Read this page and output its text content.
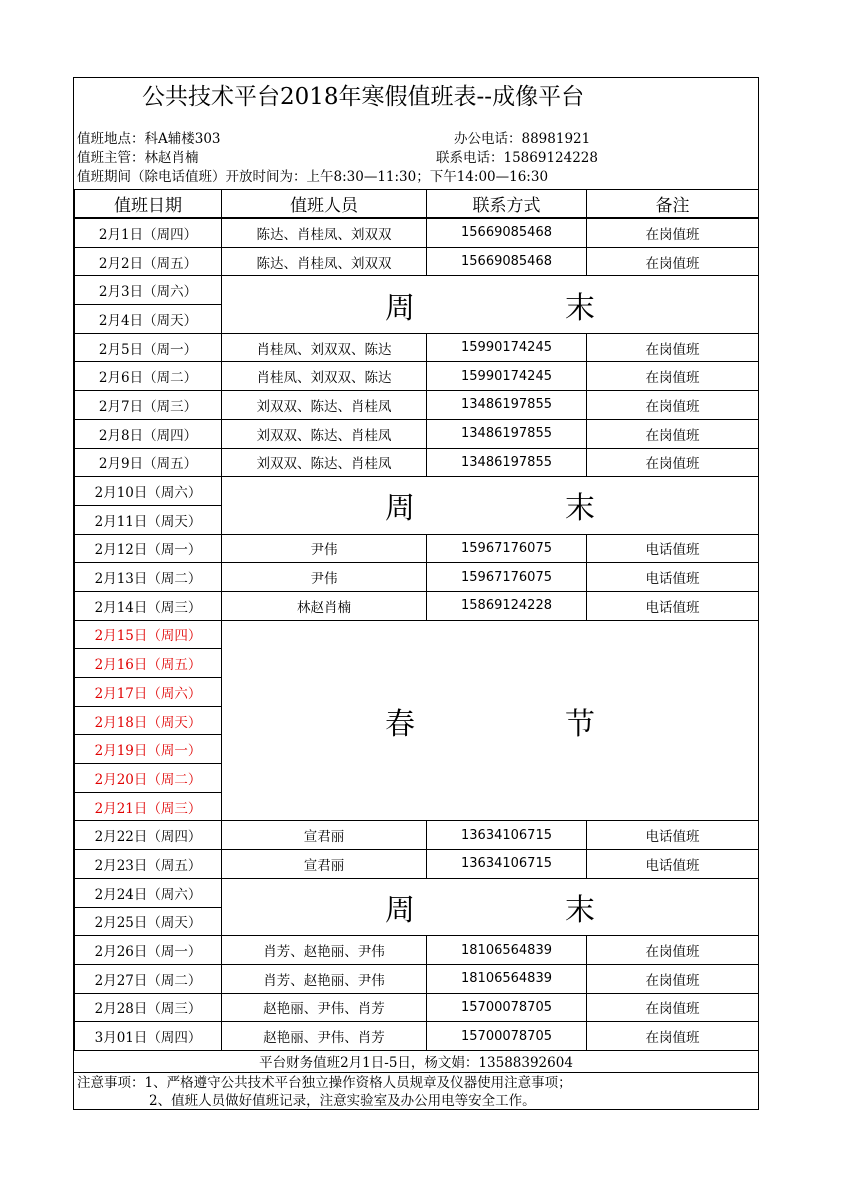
公共技术平台2018年寒假值班表--成像平台
值班地点：科A辅楼303	办公电话：88981921
值班主管：林赵肖楠	联系电话：15869124228
值班期间（除电话值班）开放时间为：上午8:30—11:30；下午14:00—16:30
值班日期	值班人员	联系方式	备注
2月1日（周四）	陈达、肖桂凤、刘双双	15669085468	在岗值班
2月2日（周五）	陈达、肖桂凤、刘双双	15669085468	在岗值班
2月3日（周六）	周 末		
2月4日（周天）			
2月5日（周一）	肖桂凤、刘双双、陈达	15990174245	在岗值班
2月6日（周二）	肖桂凤、刘双双、陈达	15990174245	在岗值班
2月7日（周三）	刘双双、陈达、肖桂凤	13486197855	在岗值班
2月8日（周四）	刘双双、陈达、肖桂凤	13486197855	在岗值班
2月9日（周五）	刘双双、陈达、肖桂凤	13486197855	在岗值班
2月10日（周六）	周 末		
2月11日（周天）			
2月12日（周一）	尹伟	15967176075	电话值班
2月13日（周二）	尹伟	15967176075	电话值班
2月14日（周三）	林赵肖楠	15869124228	电话值班
2月15日（周四）	春 节		
2月16日（周五）			
2月17日（周六）			
2月18日（周天）			
2月19日（周一）			
2月20日（周二）			
2月21日（周三）			
2月22日（周四）	宣君丽	13634106715	电话值班
2月23日（周五）	宣君丽	13634106715	电话值班
2月24日（周六）	周 末		
2月25日（周天）			
2月26日（周一）	肖芳、赵艳丽、尹伟	18106564839	在岗值班
2月27日（周二）	肖芳、赵艳丽、尹伟	18106564839	在岗值班
2月28日（周三）	赵艳丽、尹伟、肖芳	15700078705	在岗值班
3月01日（周四）	赵艳丽、尹伟、肖芳	15700078705	在岗值班
平台财务值班2月1日-5日，杨文娟：13588392604
注意事项：1、严格遵守公共技术平台独立操作资格人员规章及仪器使用注意事项；
2、值班人员做好值班记录，注意实验室及办公用电等安全工作。
